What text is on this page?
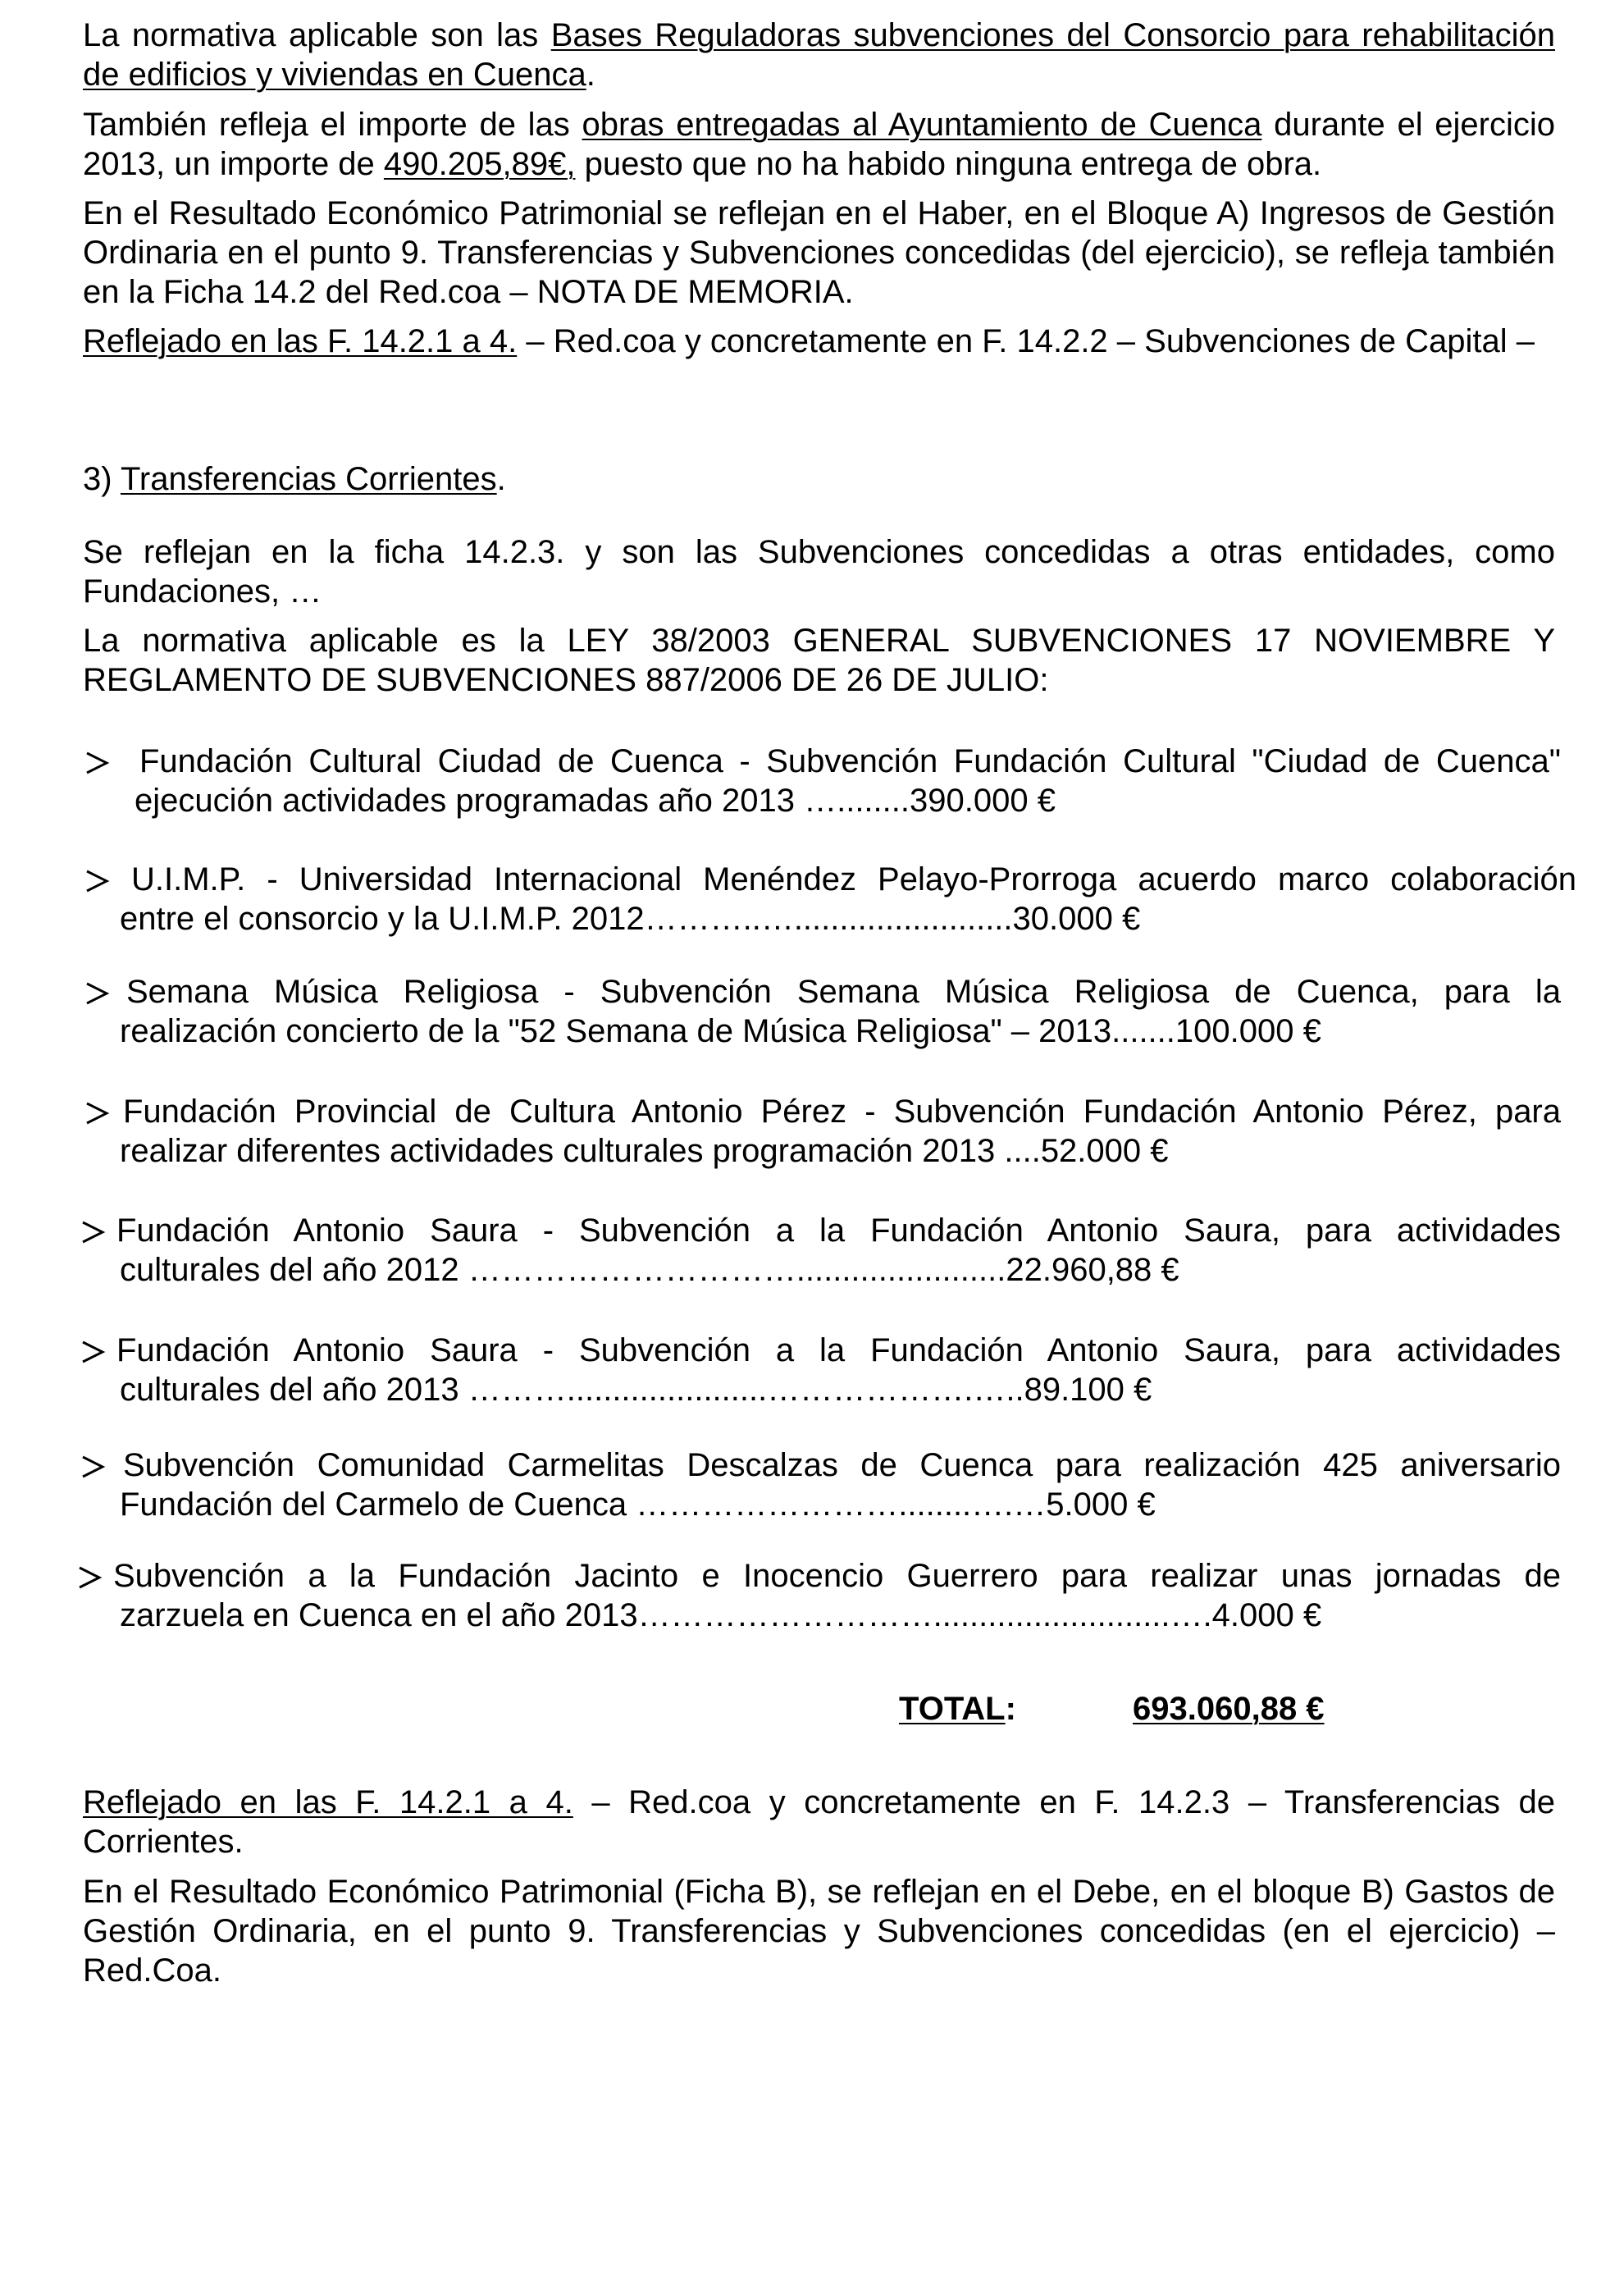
La normativa aplicable son las Bases Reguladoras subvenciones del Consorcio para rehabilitación de edificios y viviendas en Cuenca.
También refleja el importe de las obras entregadas al Ayuntamiento de Cuenca durante el ejercicio 2013, un importe de 490.205,89€, puesto que no ha habido ninguna entrega de obra.
En el Resultado Económico Patrimonial se reflejan en el Haber, en el Bloque A) Ingresos de Gestión Ordinaria en el punto 9. Transferencias y Subvenciones concedidas (del ejercicio), se refleja también en la Ficha 14.2 del Red.coa – NOTA DE MEMORIA.
Reflejado en las F. 14.2.1 a 4. – Red.coa y concretamente en F. 14.2.2 – Subvenciones de Capital –
3) Transferencias Corrientes.
Se reflejan en la ficha 14.2.3. y son las Subvenciones concedidas a otras entidades, como Fundaciones, …
La normativa aplicable es la LEY 38/2003 GENERAL SUBVENCIONES 17 NOVIEMBRE Y REGLAMENTO DE SUBVENCIONES 887/2006 DE 26 DE JULIO:
Fundación Cultural Ciudad de Cuenca - Subvención Fundación Cultural "Ciudad de Cuenca"
ejecución actividades programadas año 2013 …........390.000 €
U.I.M.P. - Universidad Internacional Menéndez Pelayo-Prorroga acuerdo marco colaboración
entre el consorcio y la U.I.M.P. 2012………..…........................30.000 €
Semana Música Religiosa - Subvención Semana Música Religiosa de Cuenca, para la
realización concierto de la "52 Semana de Música Religiosa" – 2013.......100.000 €
Fundación Provincial de Cultura Antonio Pérez - Subvención Fundación Antonio Pérez, para
realizar diferentes actividades culturales programación 2013 ....52.000 €
Fundación Antonio Saura - Subvención a la Fundación Antonio Saura, para actividades
culturales del año 2012 ………………………….......................22.960,88 €
Fundación Antonio Saura - Subvención a la Fundación Antonio Saura, para actividades
culturales del año 2013 ………......................……………….…..89.100 €
Subvención Comunidad Carmelitas Descalzas de Cuenca para realización 425 aniversario
Fundación del Carmelo de Cuenca ……………………........….…5.000 €
Subvención a la Fundación Jacinto e Inocencio Guerrero para realizar unas jornadas de
zarzuela en Cuenca en el año 2013………………………..........................….4.000 €
TOTAL:	693.060,88 €
Reflejado en las F. 14.2.1 a 4. – Red.coa y concretamente en F. 14.2.3 – Transferencias de Corrientes.
En el Resultado Económico Patrimonial (Ficha B), se reflejan en el Debe, en el bloque B) Gastos de Gestión Ordinaria, en el punto 9. Transferencias y Subvenciones concedidas (en el ejercicio) – Red.Coa.
